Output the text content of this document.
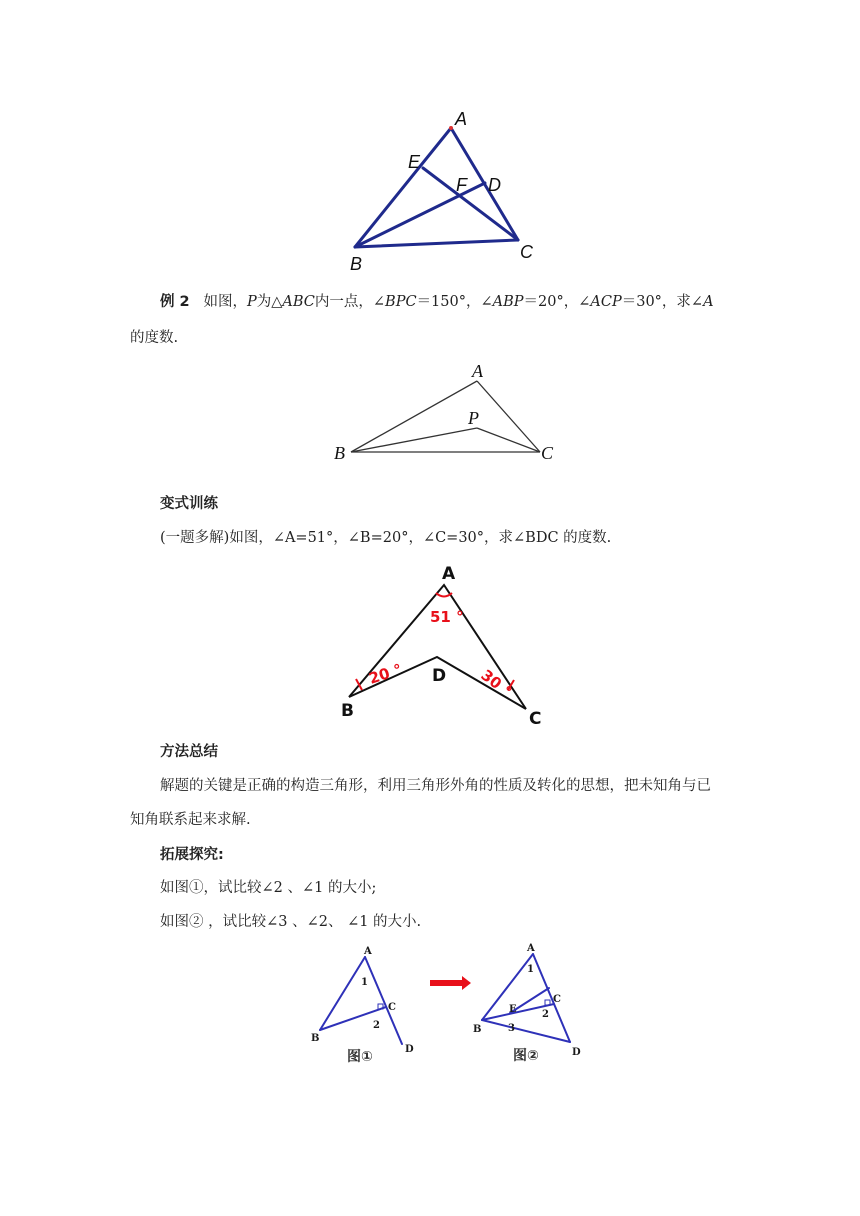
A
E
F D
B
C
例 2 如图，P为△ABC内一点，∠BPC＝150°，∠ABP＝20°，∠ACP＝30°，求∠A
的度数.
A
P
B	C
变式训练
(一题多解)如图，∠A=51°，∠B=20°，∠C=30°，求∠BDC 的度数.
A
D
B	C
51 °
20 °	30 °
方法总结
解题的关键是正确的构造三角形，利用三角形外角的性质及转化的思想，把未知角与已
知角联系起来求解.
拓展探究:
如图①，试比较∠2 、∠1 的大小;
如图② ，试比较∠3 、∠2、 ∠1 的大小.
A
1
C
2
B
D
图①
A
1
C
E	2
3
B
D
图②
